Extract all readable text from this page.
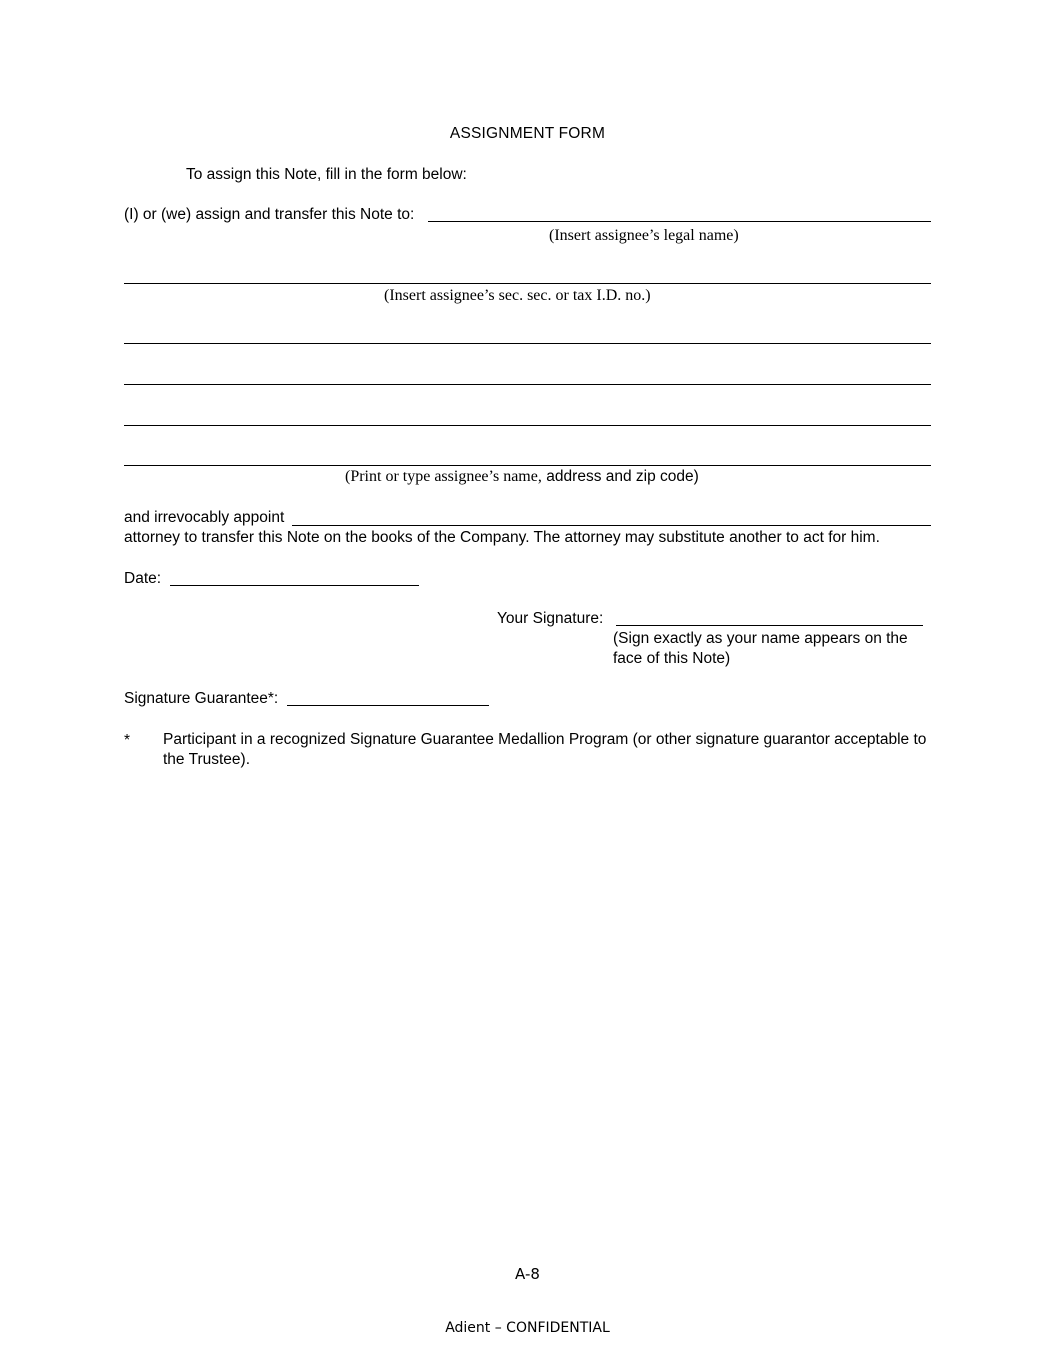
ASSIGNMENT FORM
To assign this Note, fill in the form below:
(I) or (we) assign and transfer this Note to:
(Insert assignee’s legal name)
(Insert assignee’s sec. sec. or tax I.D. no.)
(Print or type assignee’s name, address and zip code)
and irrevocably appoint
attorney to transfer this Note on the books of the Company. The attorney may substitute another to act for him.
Date:
Your Signature:
(Sign exactly as your name appears on the
face of this Note)
Signature Guarantee*:
* Participant in a recognized Signature Guarantee Medallion Program (or other signature guarantor acceptable to
the Trustee).
A-8
Adient – CONFIDENTIAL
